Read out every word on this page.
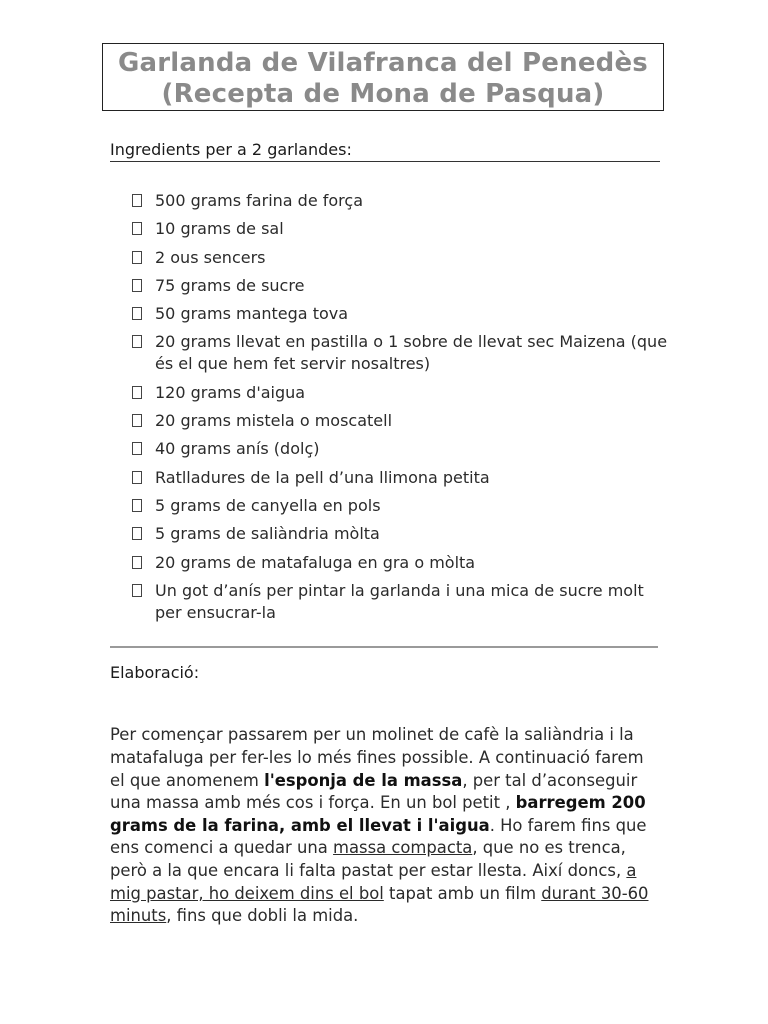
Garlanda de Vilafranca del Penedès
(Recepta de Mona de Pasqua)
Ingredients per a 2 garlandes:
500 grams farina de força
10 grams de sal
2 ous sencers
75 grams de sucre
50 grams mantega tova
20 grams llevat en pastilla o 1 sobre de llevat sec Maizena (que és el que hem fet servir nosaltres)
120 grams d'aigua
20 grams mistela o moscatell
40 grams anís (dolç)
Ratlladures de la pell d’una llimona petita
5 grams de canyella en pols
5 grams de saliàndria mòlta
20 grams de matafaluga en gra o mòlta
Un got d’anís per pintar la garlanda i una mica de sucre molt per ensucrar-la
Elaboració:

Per començar passarem per un molinet de cafè la saliàndria i la matafaluga per fer-les lo més fines possible. A continuació farem el que anomenem l'esponja de la massa, per tal d’aconseguir una massa amb més cos i força. En un bol petit , barregem 200 grams de la farina, amb el llevat i l'aigua. Ho farem fins que ens comenci a quedar una massa compacta, que no es trenca, però a la que encara li falta pastat per estar llesta. Així doncs, a mig pastar, ho deixem dins el bol tapat amb un film durant 30-60 minuts, fins que dobli la mida.
